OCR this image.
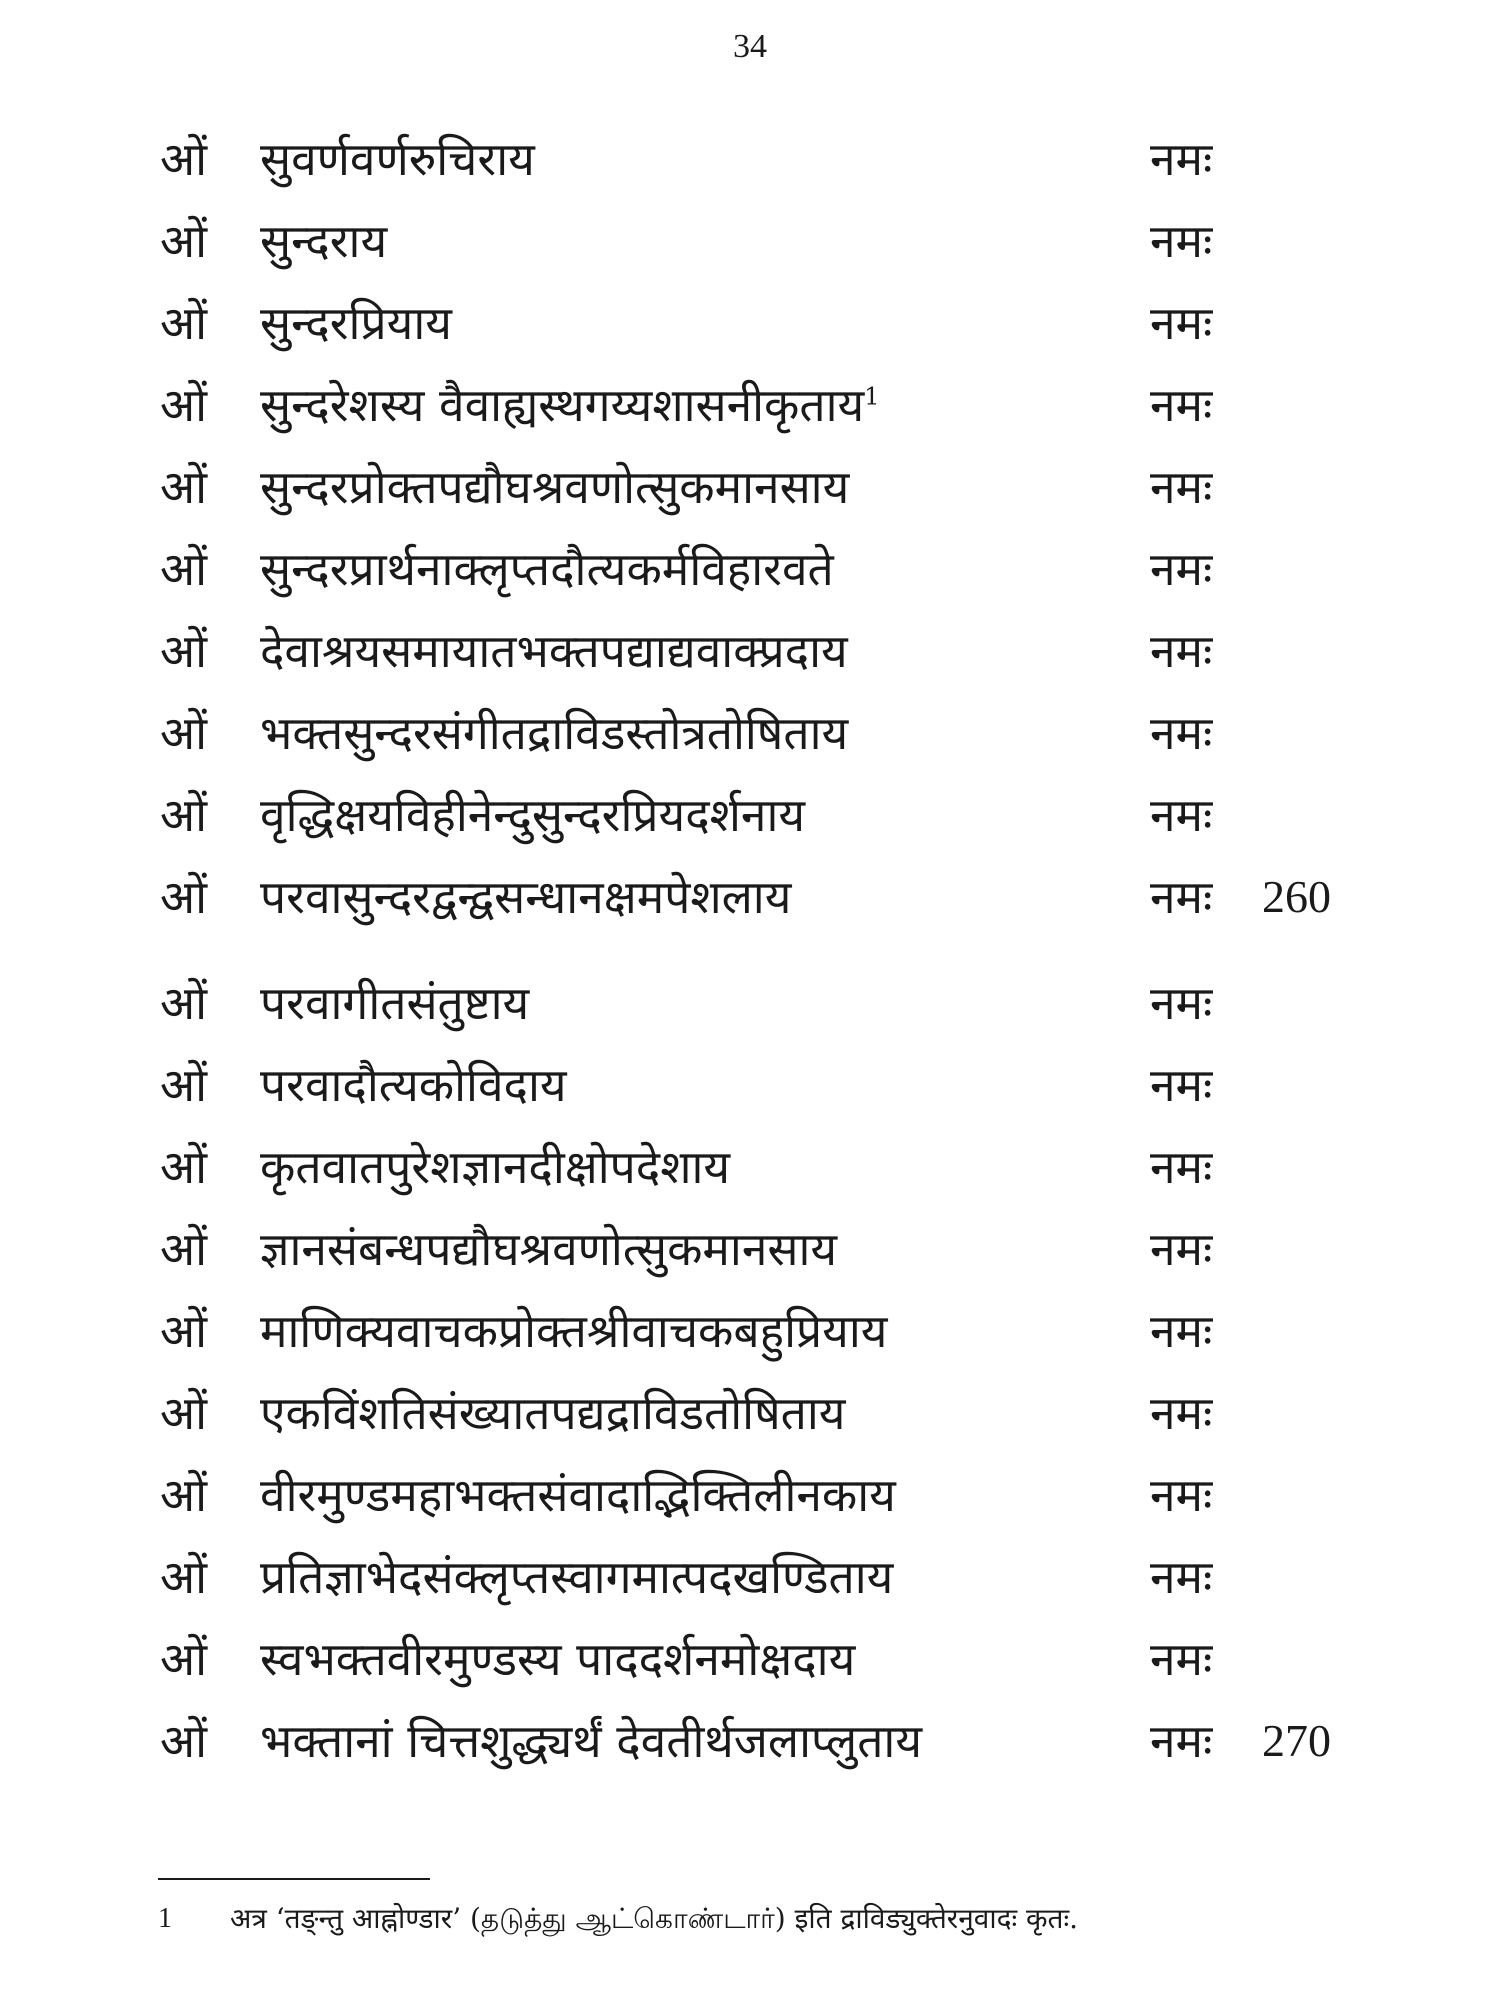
34
ओं सुवर्णवर्णरुचिराय	नमः
ओं सुन्दराय	नमः
ओं सुन्दरप्रियाय	नमः
ओं सुन्दरेशस्य वैवाह्यस्थगय्यशासनीकृताय$^1$	नमः
ओं सुन्दरप्रोक्तपद्यौघश्रवणोत्सुकमानसाय	नमः
ओं सुन्दरप्रार्थनाक्लृप्तदौत्यकर्मविहारवते	नमः
ओं देवाश्रयसमायातभक्तपद्याद्यवाक्प्रदाय	नमः
ओं भक्तसुन्दरसंगीतद्राविडस्तोत्रतोषिताय	नमः
ओं वृद्धिक्षयविहीनेन्दुसुन्दरप्रियदर्शनाय	नमः
ओं परवासुन्दरद्वन्द्वसन्धानक्षमपेशलाय	नमः 260
ओं परवागीतसंतुष्टाय	नमः
ओं परवादौत्यकोविदाय	नमः
ओं कृतवातपुरेशज्ञानदीक्षोपदेशाय	नमः
ओं ज्ञानसंबन्धपद्यौघश्रवणोत्सुकमानसाय	नमः
ओं माणिक्यवाचकप्रोक्तश्रीवाचकबहुप्रियाय	नमः
ओं एकविंशतिसंख्यातपद्यद्राविडतोषिताय	नमः
ओं वीरमुण्डमहाभक्तसंवादाद्भिक्तिलीनकाय	नमः
ओं प्रतिज्ञाभेदसंक्लृप्तस्वागमात्पदखण्डिताय	नमः
ओं स्वभक्तवीरमुण्डस्य पाददर्शनमोक्षदाय	नमः
ओं भक्तानां चित्तशुद्ध्यर्थं देवतीर्थजलाप्लुताय	नमः 270
1 अत्र ‘तङ्न्तु आह्नोण्डार’ (தடுத்து ஆட்கொண்டார்) इति द्राविड्युक्तेरनुवादः कृतः.
